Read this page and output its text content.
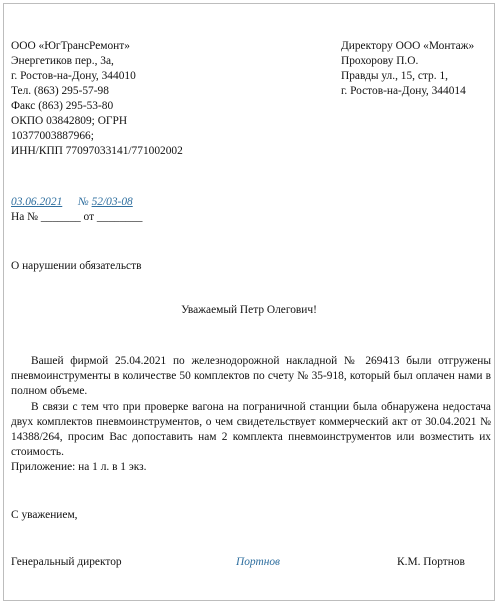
ООО «ЮгТрансРемонт»
Энергетиков пер., 3а,
г. Ростов-на-Дону, 344010
Тел. (863) 295-57-98
Факс (863) 295-53-80
ОКПО 03842809; ОГРН
10377003887966;
ИНН/КПП 77097033141/771002002
Директору ООО «Монтаж»
Прохорову П.О.
Правды ул., 15, стр. 1,
г. Ростов-на-Дону, 344014
03.06.2021 № 52/03-08
На № _______ от ________
О нарушении обязательств
Уважаемый Петр Олегович!

Вашей фирмой 25.04.2021 по железнодорожной накладной № 269413 были отгружены пневмоинструменты в количестве 50 комплектов по счету № 35-918, который был оплачен нами в полном объеме.

В связи с тем что при проверке вагона на пограничной станции была обнаружена недостача двух комплектов пневмоинструментов, о чем свидетельствует коммерческий акт от 30.04.2021 № 14388/264, просим Вас допоставить нам 2 комплекта пневмоинструментов или возместить их стоимость.

Приложение: на 1 л. в 1 экз.

С уважением,
Генеральный директор	Портнов	К.М. Портнов
